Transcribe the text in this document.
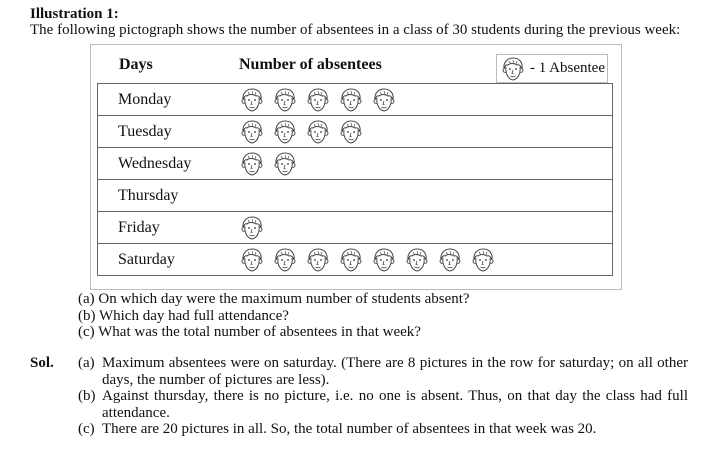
Illustration 1:
The following pictograph shows the number of absentees in a class of 30 students during the previous week:
Days	Number of absentees	- 1 Absentee
Monday
Tuesday
Wednesday
Thursday
Friday
Saturday
(a) On which day were the maximum number of students absent?
(b) Which day had full attendance?
(c) What was the total number of absentees in that week?
Sol. (a) Maximum absentees were on saturday. (There are 8 pictures in the row for saturday; on all other days, the number of pictures are less).
(b) Against thursday, there is no picture, i.e. no one is absent. Thus, on that day the class had full attendance.
(c) There are 20 pictures in all. So, the total number of absentees in that week was 20.
